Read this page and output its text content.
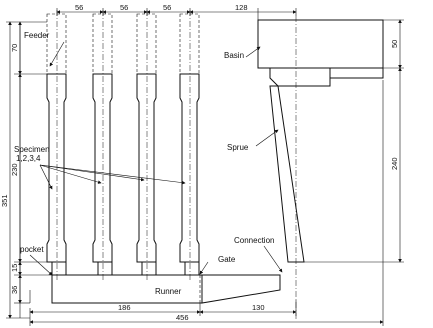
56	56	56	128
70
230
15
36
351
50
240
186	130
456
Feeder
Specimen
1,2,3,4
pocket
Basin
Sprue
Connection
Gate
Runner
